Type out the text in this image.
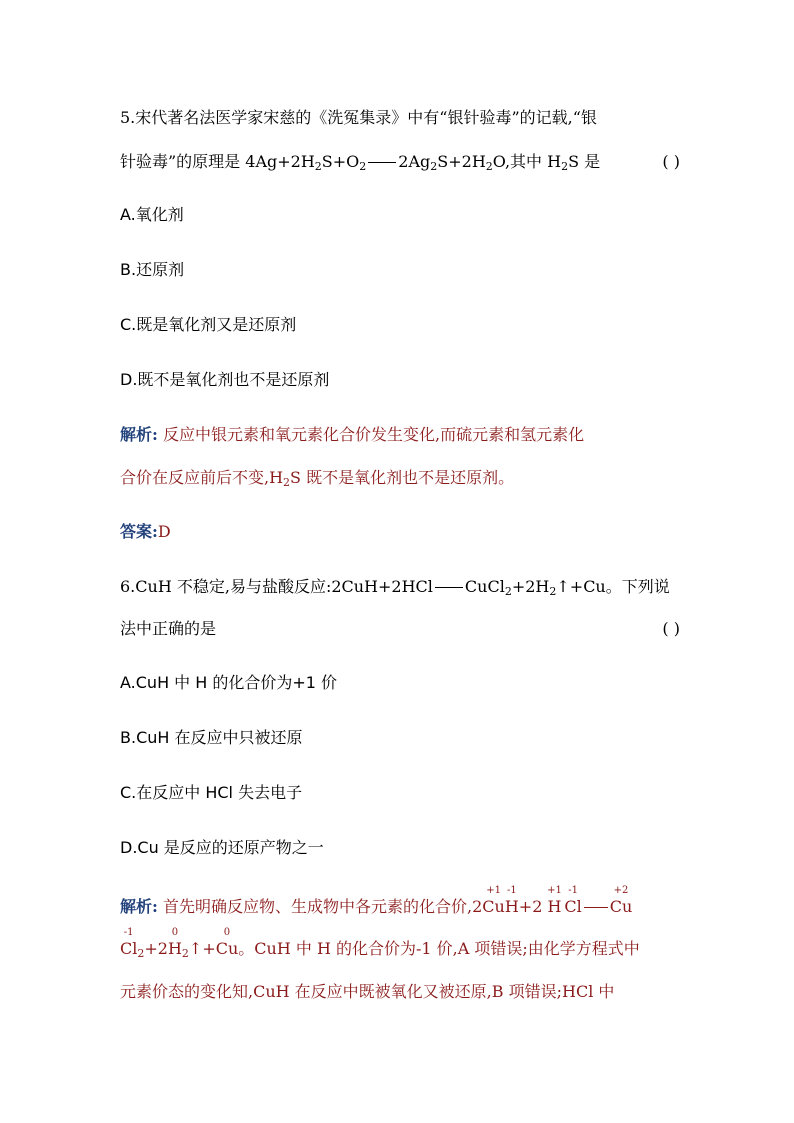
5.宋代著名法医学家宋慈的《洗冤集录》中有“银针验毒”的记载,“银
针验毒”的原理是 $4Ag+2H_2S+O_2$ $2Ag_2S+2H_2O$,其中 $H_2S$ 是	( )
A.氧化剂
B.还原剂
C.既是氧化剂又是还原剂
D.既不是氧化剂也不是还原剂
解析: 反应中银元素和氧元素化合价发生变化,而硫元素和氢元素化
合价在反应前后不变$,H_2S$ 既不是氧化剂也不是还原剂。
答案:D
6.CuH 不稳定,易与盐酸反应:2CuH+2HCl $CuCl_2+2H_2↑+Cu$。下列说
法中正确的是	( )
A.CuH 中 H 的化合价为+1 价
B.CuH 在反应中只被还原
C.在反应中 HCl 失去电子
D.Cu 是反应的还原产物之一
解析: 首先明确反应物、生成物中各元素的化合价,2
+1
Cu
-1
H+2
+1
H
-1
Cl
+2
Cu
-1
$Cl_2+2$
0
$H_2↑+$
0
Cu。CuH 中 H 的化合价为-1 价,A 项错误;由化学方程式中
元素价态的变化知,CuH 在反应中既被氧化又被还原,B 项错误;HCl 中
